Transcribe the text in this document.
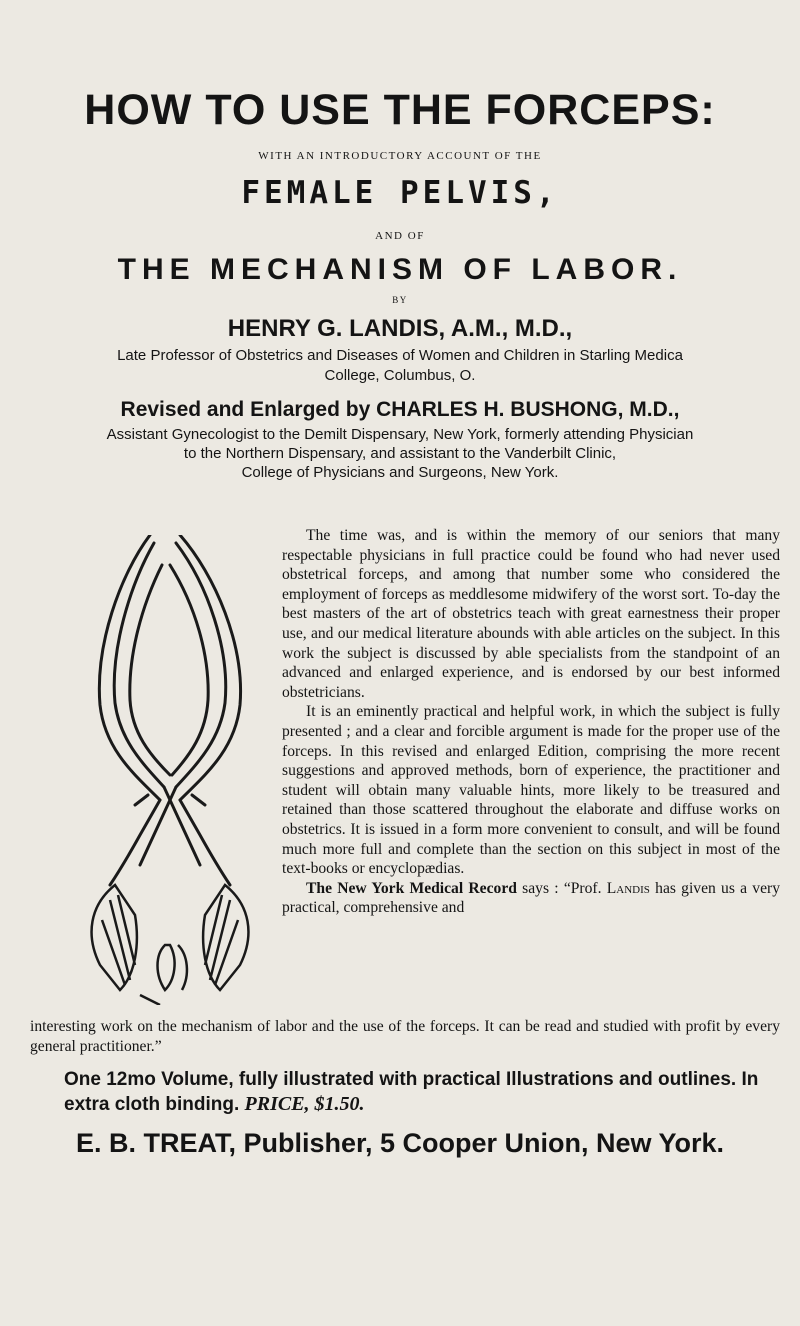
HOW TO USE THE FORCEPS:
WITH AN INTRODUCTORY ACCOUNT OF THE
FEMALE PELVIS,
AND OF
THE MECHANISM OF LABOR.
BY
HENRY G. LANDIS, A.M., M.D.,
Late Professor of Obstetrics and Diseases of Women and Children in Starling Medica
College, Columbus, O.
Revised and Enlarged by CHARLES H. BUSHONG, M.D.,
Assistant Gynecologist to the Demilt Dispensary, New York, formerly attending Physician
to the Northern Dispensary, and assistant to the Vanderbilt Clinic,
College of Physicians and Surgeons, New York.

The time was, and is within the memory of our seniors that many respectable physicians in full practice could be found who had never used obstetrical forceps, and among that number some who considered the employment of forceps as meddlesome midwifery of the worst sort. To-day the best masters of the art of obstetrics teach with great earnestness their proper use, and our medical literature abounds with able articles on the subject. In this work the subject is discussed by able specialists from the standpoint of an advanced and enlarged experience, and is endorsed by our best informed obstetricians.

It is an eminently practical and helpful work, in which the subject is fully presented ; and a clear and forcible argument is made for the proper use of the forceps. In this revised and enlarged Edition, comprising the more recent suggestions and approved methods, born of experience, the practitioner and student will obtain many valuable hints, more likely to be treasured and retained than those scattered throughout the elaborate and diffuse works on obstetrics. It is issued in a form more convenient to consult, and will be found much more full and complete than the section on this subject in most of the text-books or encyclopædias.

The New York Medical Record says : “Prof. Landis has given us a very practical, comprehensive and

interesting work on the mechanism of labor and the use of the forceps. It can be read and studied with profit by every general practitioner.”
One 12mo Volume, fully illustrated with practical Illustrations and outlines. In extra cloth binding. PRICE, $1.50.
E. B. TREAT, Publisher, 5 Cooper Union, New York.
